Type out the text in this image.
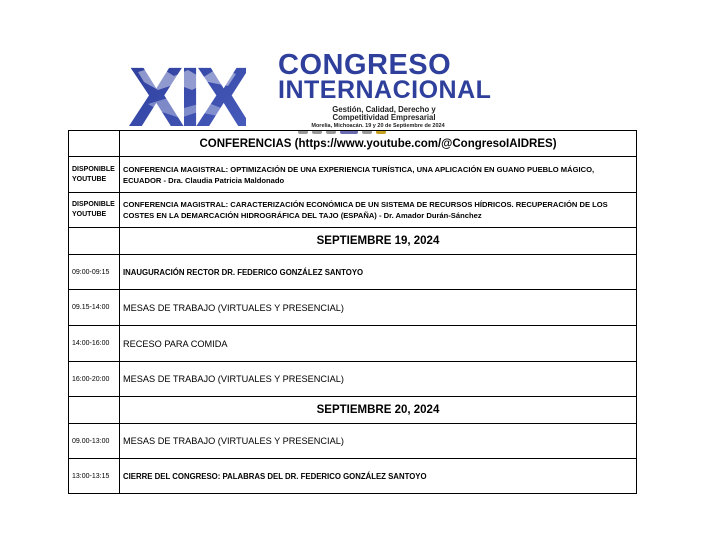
XIX CONGRESO
INTERNACIONAL
Gestión, Calidad, Derecho y
Competitividad Empresarial
Morelia, Michoacán. 19 y 20 de Septiembre de 2024
	CONFERENCIAS (https://www.youtube.com/@CongresoIAIDRES)
DISPONIBLE YOUTUBE	CONFERENCIA MAGISTRAL: OPTIMIZACIÓN DE UNA EXPERIENCIA TURÍSTICA, UNA APLICACIÓN EN GUANO PUEBLO MÁGICO, ECUADOR - Dra. Claudia Patricia Maldonado
DISPONIBLE YOUTUBE	CONFERENCIA MAGISTRAL: CARACTERIZACIÓN ECONÓMICA DE UN SISTEMA DE RECURSOS HÍDRICOS. RECUPERACIÓN DE LOS COSTES EN LA DEMARCACIÓN HIDROGRÁFICA DEL TAJO (ESPAÑA) - Dr. Amador Durán-Sánchez
	SEPTIEMBRE 19, 2024
09:00-09:15	INAUGURACIÓN RECTOR DR. FEDERICO GONZÁLEZ SANTOYO
09.15-14:00	MESAS DE TRABAJO (VIRTUALES Y PRESENCIAL)
14:00-16:00	RECESO PARA COMIDA
16:00-20:00	MESAS DE TRABAJO (VIRTUALES Y PRESENCIAL)
	SEPTIEMBRE 20, 2024
09.00-13:00	MESAS DE TRABAJO (VIRTUALES Y PRESENCIAL)
13:00-13:15	CIERRE DEL CONGRESO: PALABRAS DEL DR. FEDERICO GONZÁLEZ SANTOYO
